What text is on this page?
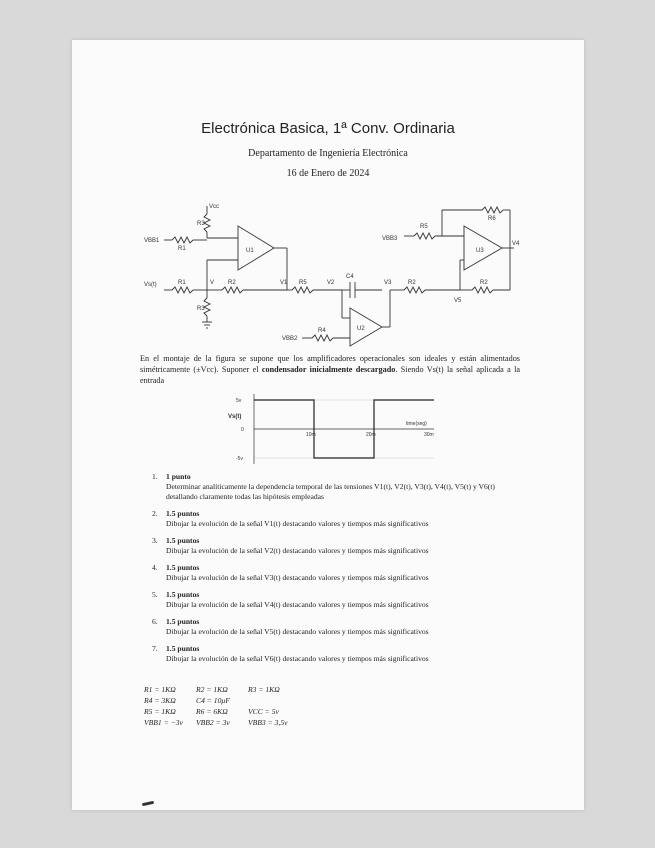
Electrónica Basica, 1ª Conv. Ordinaria
Departamento de Ingeniería Electrónica
16 de Enero de 2024
Vcc
R3
R1
VBB1
U1
V1
Vs(t)	R1	V
R3
R2	R5	V2
C4
V3
U2
VBB2
R4
R2
R5
R6
VBB3
U3
V4
R2
V5
En el montaje de la figura se supone que los amplificadores operacionales son ideales y están alimentados simétricamente (±Vcc). Suponer el condensador inicialmente descargado. Siendo Vs(t) la señal aplicada a la entrada
5v
0
-5v
Vs(t)
time(seg)
10m	20m	30m
1. 1 punto
Determinar analíticamente la dependencia temporal de las tensiones V1(t), V2(t), V3(t), V4(t), V5(t) y V6(t) detallando claramente todas las hipótesis empleadas
2. 1.5 puntos
Dibujar la evolución de la señal V1(t) destacando valores y tiempos más significativos
3. 1.5 puntos
Dibujar la evolución de la señal V2(t) destacando valores y tiempos más significativos
4. 1.5 puntos
Dibujar la evolución de la señal V3(t) destacando valores y tiempos más significativos
5. 1.5 puntos
Dibujar la evolución de la señal V4(t) destacando valores y tiempos más significativos
6. 1.5 puntos
Dibujar la evolución de la señal V5(t) destacando valores y tiempos más significativos
7. 1.5 puntos
Dibujar la evolución de la señal V6(t) destacando valores y tiempos más significativos
R1 = 1KΩ	R2 = 1KΩ	R3 = 1KΩ
R4 = 3KΩ	C4 = 10μF
R5 = 1KΩ	R6 = 6KΩ	VCC = 5v
VBB1 = −3v VBB2 = 3v VBB3 = 3,5v
